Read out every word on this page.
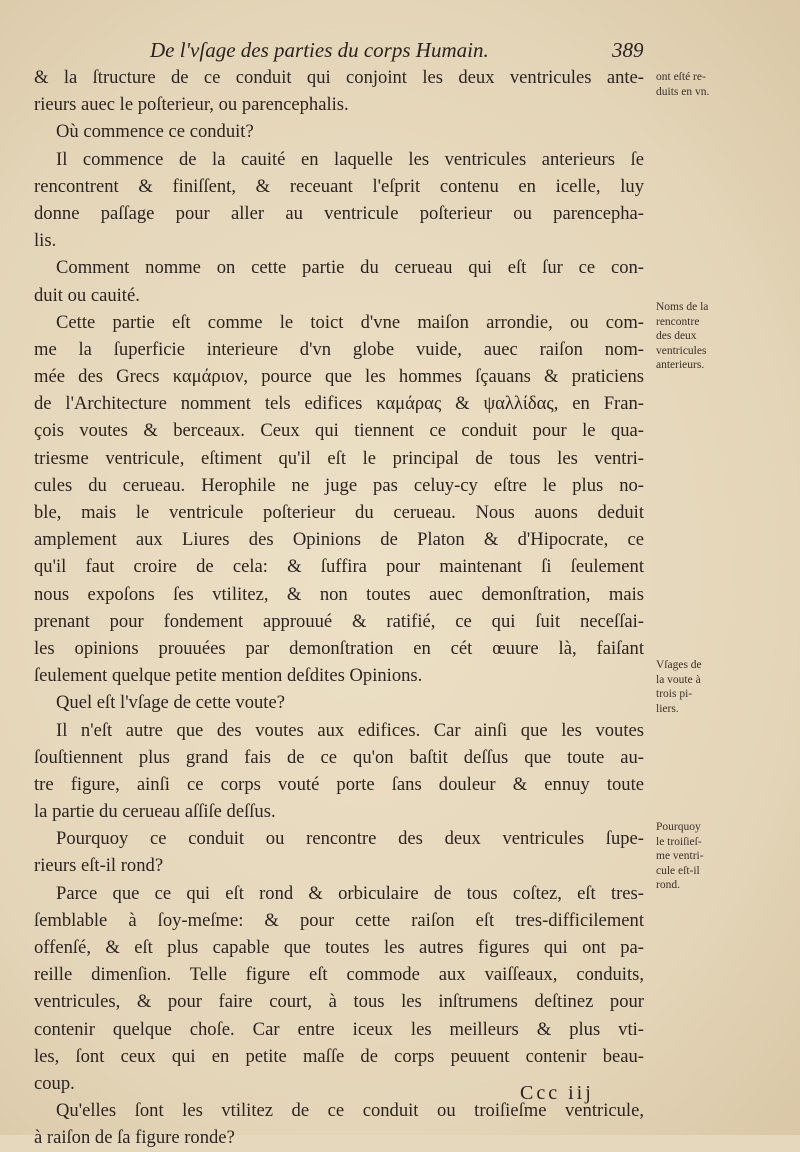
De l'vſage des parties du corps Humain.	389
& la ſtructure de ce conduit qui conjoint les deux ventricules ante-
rieurs auec le poſterieur, ou parencephalis.
Où commence ce conduit?
Il commence de la cauité en laquelle les ventricules anterieurs ſe
rencontrent & finiſſent, & receuant l'eſprit contenu en icelle, luy
donne paſſage pour aller au ventricule poſterieur ou parencepha-
lis.
Comment nomme on cette partie du cerueau qui eſt ſur ce con-
duit ou cauité.
Cette partie eſt comme le toict d'vne maiſon arrondie, ou com-
me la ſuperficie interieure d'vn globe vuide, auec raiſon nom-
mée des Grecs καμάριον, pource que les hommes ſçauans & praticiens
de l'Architecture nomment tels edifices καμάρας & ψαλλίδας, en Fran-
çois voutes & berceaux. Ceux qui tiennent ce conduit pour le qua-
triesme ventricule, eſtiment qu'il eſt le principal de tous les ventri-
cules du cerueau. Herophile ne juge pas celuy-cy eſtre le plus no-
ble, mais le ventricule poſterieur du cerueau. Nous auons deduit
amplement aux Liures des Opinions de Platon & d'Hipocrate, ce
qu'il faut croire de cela: & ſuffira pour maintenant ſi ſeulement
nous expoſons ſes vtilitez, & non toutes auec demonſtration, mais
prenant pour fondement approuué & ratifié, ce qui ſuit neceſſai-
les opinions prouuées par demonſtration en cét œuure là, faiſant
ſeulement quelque petite mention deſdites Opinions.
Quel eſt l'vſage de cette voute?
Il n'eſt autre que des voutes aux edifices. Car ainſi que les voutes
ſouſtiennent plus grand fais de ce qu'on baſtit deſſus que toute au-
tre figure, ainſi ce corps vouté porte ſans douleur & ennuy toute
la partie du cerueau aſſiſe deſſus.
Pourquoy ce conduit ou rencontre des deux ventricules ſupe-
rieurs eſt-il rond?
Parce que ce qui eſt rond & orbiculaire de tous coſtez, eſt tres-
ſemblable à ſoy-meſme: & pour cette raiſon eſt tres-difficilement
offenſé, & eſt plus capable que toutes les autres figures qui ont pa-
reille dimenſion. Telle figure eſt commode aux vaiſſeaux, conduits,
ventricules, & pour faire court, à tous les inſtrumens deſtinez pour
contenir quelque choſe. Car entre iceux les meilleurs & plus vti-
les, ſont ceux qui en petite maſſe de corps peuuent contenir beau-
coup.
Qu'elles ſont les vtilitez de ce conduit ou troiſieſme ventricule,
à raiſon de ſa figure ronde?
ont eſté re-
duits en vn.
Noms de la
rencontre
des deux
ventricules
anterieurs.
Vſages de
la voute à
trois pi-
liers.
Pourquoy
le troiſieſ-
me ventri-
cule eſt-il
rond.
Ccc iij
